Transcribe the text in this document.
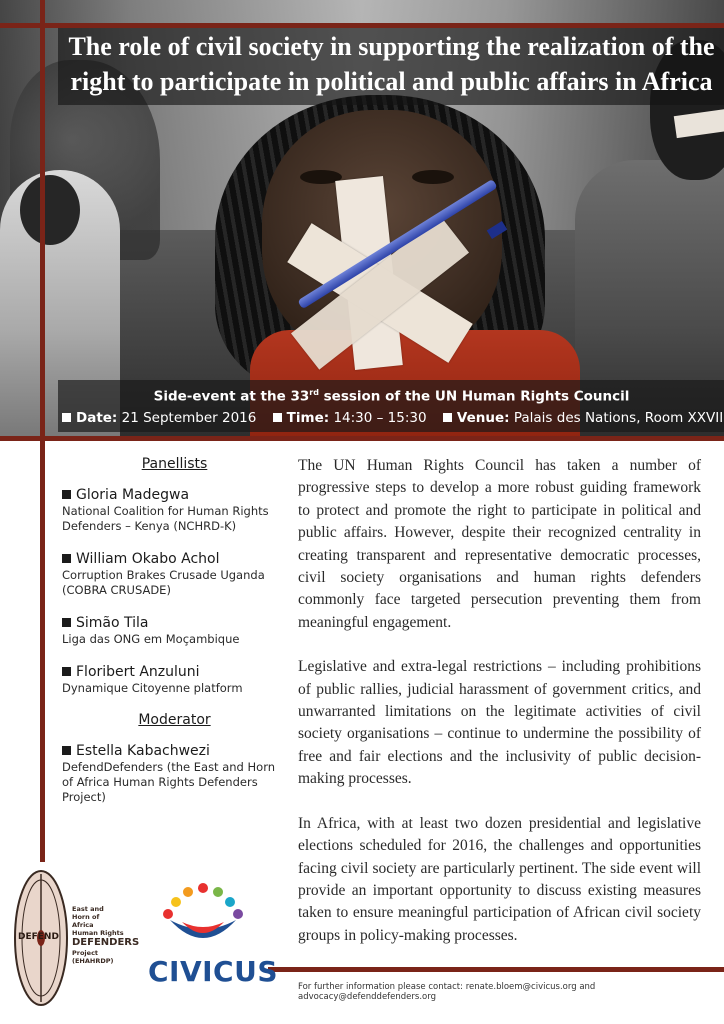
The role of civil society in supporting the realization of the right to participate in political and public affairs in Africa
Side-event at the 33rd session of the UN Human Rights Council
Date: 21 September 2016 Time: 14:30 – 15:30 Venue: Palais des Nations, Room XXVII
Panellists
Gloria Madegwa
National Coalition for Human Rights Defenders – Kenya (NCHRD-K)
William Okabo Achol
Corruption Brakes Crusade Uganda (COBRA CRUSADE)
Simão Tila
Liga das ONG em Moçambique
Floribert Anzuluni
Dynamique Citoyenne platform
Moderator
Estella Kabachwezi
DefendDefenders (the East and Horn of Africa Human Rights Defenders Project)

The UN Human Rights Council has taken a number of progressive steps to develop a more robust guiding framework to protect and promote the right to participate in political and public affairs. However, despite their recognized centrality in creating transparent and representative democratic processes, civil society organisations and human rights defenders commonly face targeted persecution preventing them from meaningful engagement.

Legislative and extra-legal restrictions – including prohibitions of public rallies, judicial harassment of government critics, and unwarranted limitations on the legitimate activities of civil society organisations – continue to undermine the possibility of free and fair elections and the inclusivity of public decision-making processes.

In Africa, with at least two dozen presidential and legislative elections scheduled for 2016, the challenges and opportunities facing civil society are particularly pertinent. The side event will provide an important opportunity to discuss existing measures taken to ensure meaningful participation of African civil society groups in policy-making processes.

DEFEND
East and
Horn of
Africa
Human Rights
DEFENDERS
Project
(EHAHRDP)	CIVICUS For further information please contact: renate.bloem@civicus.org and advocacy@defenddefenders.org
